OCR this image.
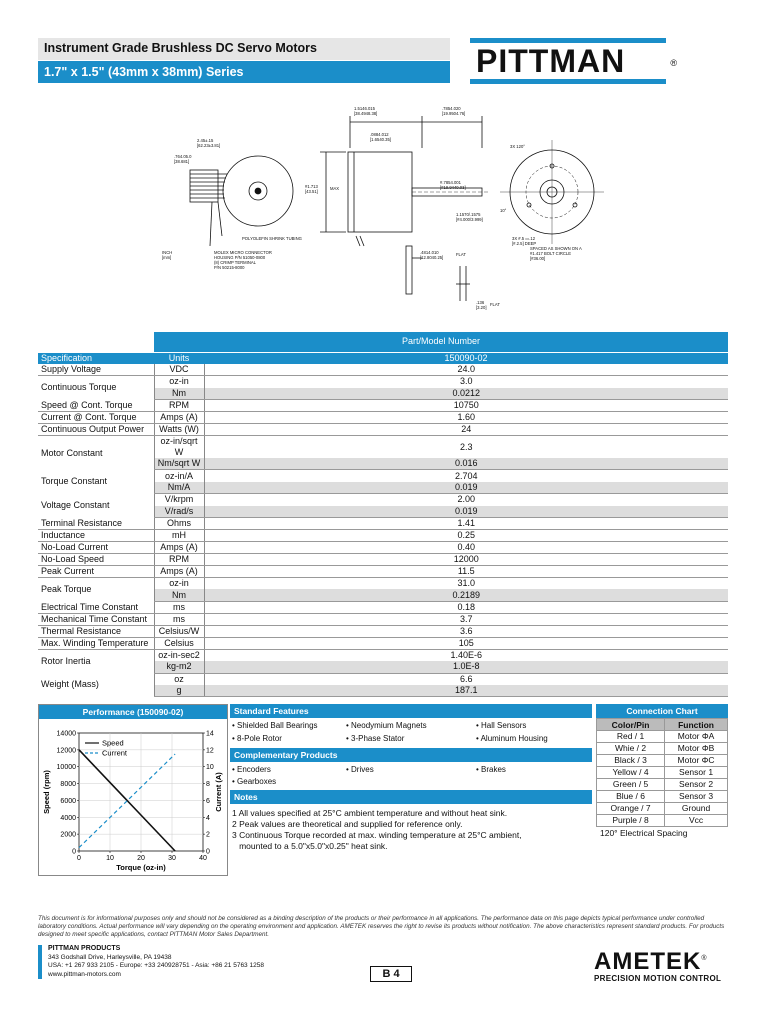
Instrument Grade Brushless DC Servo Motors
1.7" x 1.5" (43mm x 38mm) Series	PITTMAN	®
2.45±.15
[62.23±3.81]
.764.05.0
[38.681]
1.5146.015
[38.4948.38]
.7854.020
[19.9504.76]
.0884.012
[1.6540.35]
#1.713
[43.51]
MAX
#.7854.001
[#19.9440.03]
1.1570/.1575
[#4.000/3.999]
3X 120°
10°
3X #.5 ▭.12
[#.2.5] DEEP
SPACED AS SHOWN ON A
#1.417 BOLT CIRCLE
[#36.00]
POLYOLEFIN SHRINK TUBING
MOLEX MICRO CONNECTOR
HOUSING P/N 51050-0800
(8) CRIMP TERMINAL
P/N 50215-8000
INCH
[mm]
.4814.010
[12.8040.25]
FLAT
.136
[3.20]
FLAT
	Part/Model Number	
Specification	Units	150090-02
Supply Voltage	VDC	24.0
Continuous Torque	oz-in	3.0
	Nm	0.0212
Speed @ Cont. Torque	RPM	10750
Current @ Cont. Torque	Amps (A)	1.60
Continuous Output Power	Watts (W)	24
Motor Constant	oz-in/sqrt W	2.3
	Nm/sqrt W	0.016
Torque Constant	oz-in/A	2.704
	Nm/A	0.019
Voltage Constant	V/krpm	2.00
	V/rad/s	0.019
Terminal Resistance	Ohms	1.41
Inductance	mH	0.25
No-Load Current	Amps (A)	0.40
No-Load Speed	RPM	12000
Peak Current	Amps (A)	11.5
Peak Torque	oz-in	31.0
	Nm	0.2189
Electrical Time Constant	ms	0.18
Mechanical Time Constant	ms	3.7
Thermal Resistance	Celsius/W	3.6
Max. Winding Temperature	Celsius	105
Rotor Inertia	oz-in-sec2	1.40E-6
	kg-m2	1.0E-8
Weight (Mass)	oz	6.6
	g	187.1
Performance (150090-02)
0
2000
4000
6000
8000
10000
12000
14000
0
2
4
6
8
10
12
14
0	10	20	30	40
Torque (oz-in)
Speed (rpm)	Current (A)
Speed
Current
Standard Features
• Shielded Ball Bearings	• Neodymium Magnets	• Hall Sensors
• 8-Pole Rotor	• 3-Phase Stator	• Aluminum Housing
Complementary Products
• Encoders	• Drives	• Brakes
• Gearboxes
Notes
1 All values specified at 25°C ambient temperature and without heat sink.
2 Peak values are theoretical and supplied for reference only.
3 Continuous Torque recorded at max. winding temperature at 25°C ambient,
mounted to a 5.0"x5.0"x0.25" heat sink.
Connection Chart
Color/Pin	Function
Red / 1	Motor ΦA
Whie / 2	Motor ΦB
Black / 3	Motor ΦC
Yellow / 4	Sensor 1
Green / 5	Sensor 2
Blue / 6	Sensor 3
Orange / 7	Ground
Purple / 8	Vcc
120° Electrical Spacing
This document is for informational purposes only and should not be considered as a binding description of the products or their performance in all applications. The performance data on this page depicts typical performance under controlled laboratory conditions. Actual performance will vary depending on the operating environment and application. AMETEK reserves the right to revise its products without notification. The above characteristics represent standard products. For products designed to meet specific applications, contact PITTMAN Motor Sales Department.
PITTMAN PRODUCTS
343 Godshall Drive, Harleysville, PA 19438
USA: +1 267 933 2105 - Europe: +33 240928751 - Asia: +86 21 5763 1258
www.pittman-motors.com	B 4	AMETEK®
PRECISION MOTION CONTROL
